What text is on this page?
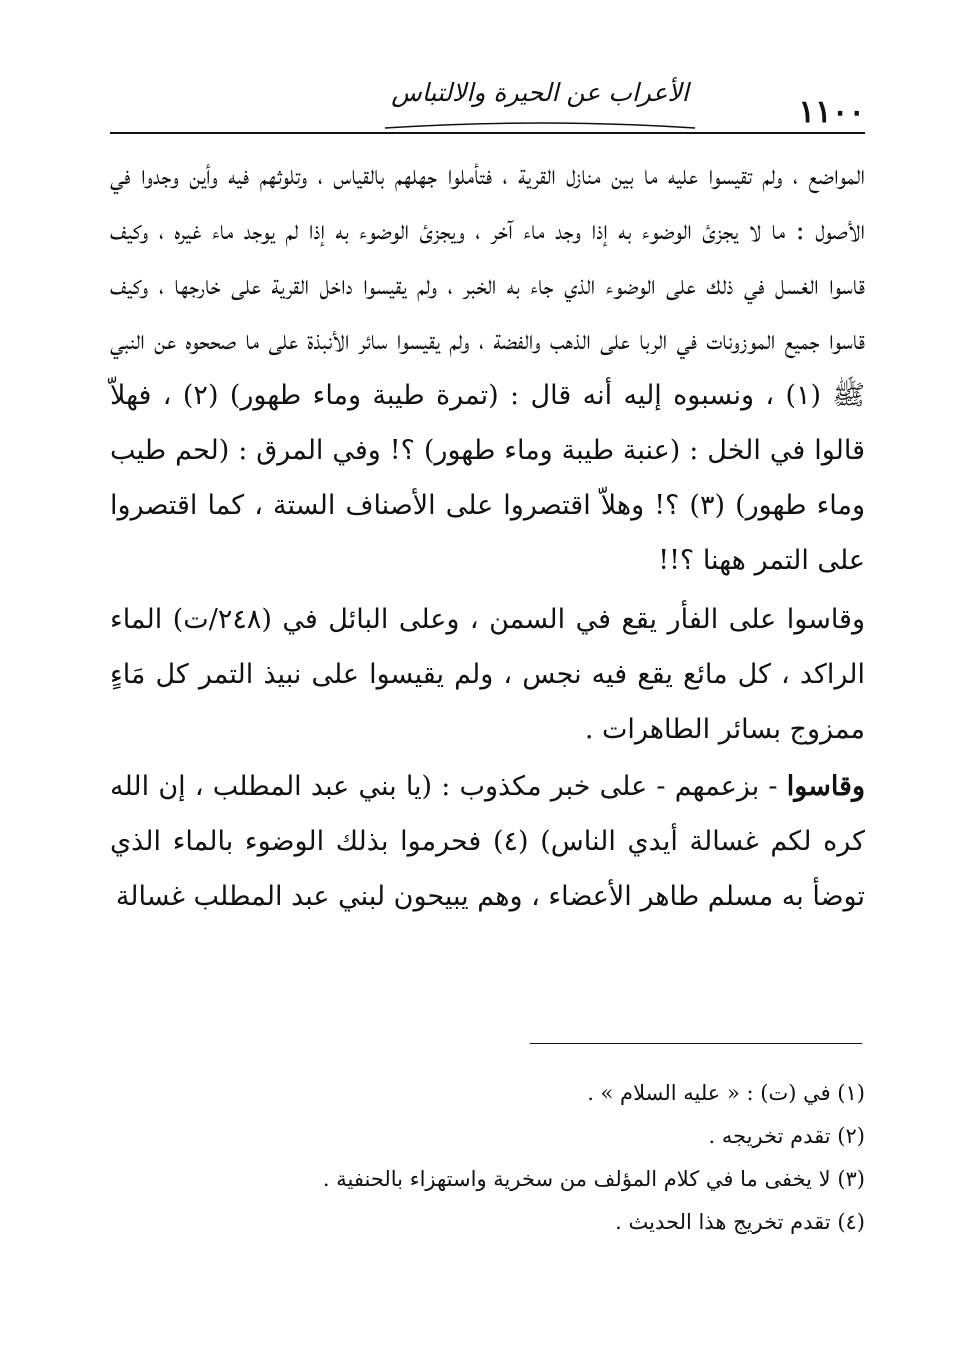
١١٠٠
الأعراب عن الحيرة والالتباس

المواضع ، ولم تقيسوا عليه ما بين منازل القرية ، فتأملوا جهلهم بالقياس ، وتلوثهم فيه وأين وجدوا في الأصول : ما لا يجزئ الوضوء به إذا وجد ماء آخر ، ويجزئ الوضوء به إذا لم يوجد ماء غيره ، وكيف قاسوا الغسل في ذلك على الوضوء الذي جاء به الخبر ، ولم يقيسوا داخل القرية على خارجها ، وكيف قاسوا جميع الموزونات في الربا على الذهب والفضة ، ولم يقيسوا سائر الأنبذة على ما صححوه عن النبي ﷺ (١) ، ونسبوه إليه أنه قال : (تمرة طيبة وماء طهور) (٢) ، فهلاّ قالوا في الخل : (عنبة طيبة وماء طهور) ؟! وفي المرق : (لحم طيب وماء طهور) (٣) ؟! وهلاّ اقتصروا على الأصناف الستة ، كما اقتصروا على التمر ههنا ؟!!

وقاسوا على الفأر يقع في السمن ، وعلى البائل في (٢٤٨/ت) الماء الراكد ، كل مائع يقع فيه نجس ، ولم يقيسوا على نبيذ التمر كل مَاءٍ ممزوج بسائر الطاهرات .

وقاسوا - بزعمهم - على خبر مكذوب : (يا بني عبد المطلب ، إن الله كره لكم غسالة أيدي الناس) (٤) فحرموا بذلك الوضوء بالماء الذي توضأ به مسلم طاهر الأعضاء ، وهم يبيحون لبني عبد المطلب غسالة

(١) في (ت) : « عليه السلام » .
(٢) تقدم تخريجه .
(٣) لا يخفى ما في كلام المؤلف من سخرية واستهزاء بالحنفية .
(٤) تقدم تخريج هذا الحديث .
